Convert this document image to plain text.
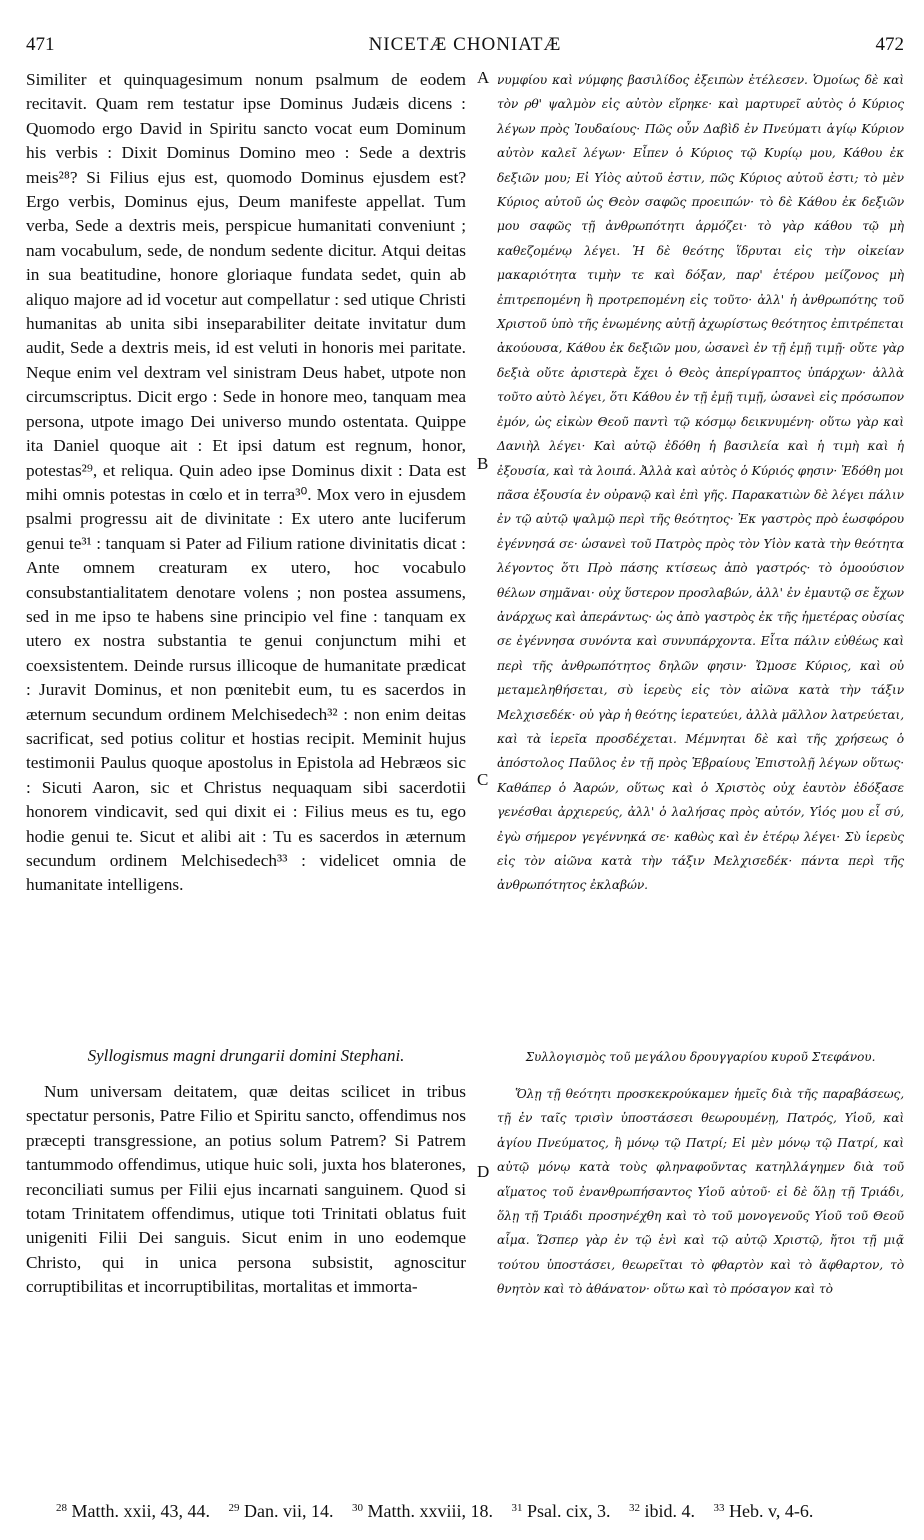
471	NICETÆ CHONIATÆ	472

Similiter et quinquagesimum nonum psalmum de eodem recitavit. Quam rem testatur ipse Dominus Judæis dicens : Quomodo ergo David in Spiritu sancto vocat eum Dominum his verbis : Dixit Dominus Domino meo : Sede a dextris meis²⁸? Si Filius ejus est, quomodo Dominus ejusdem est? Ergo verbis, Dominus ejus, Deum manifeste appellat. Tum verba, Sede a dextris meis, perspicue humanitati conveniunt ; nam vocabulum, sede, de nondum sedente dicitur. Atqui deitas in sua beatitudine, honore gloriaque fundata sedet, quin ab aliquo majore ad id vocetur aut compellatur : sed utique Christi humanitas ab unita sibi inseparabiliter deitate invitatur dum audit, Sede a dextris meis, id est veluti in honoris mei paritate. Neque enim vel dextram vel sinistram Deus habet, utpote non circumscriptus. Dicit ergo : Sede in honore meo, tanquam mea persona, utpote imago Dei universo mundo ostentata. Quippe ita Daniel quoque ait : Et ipsi datum est regnum, honor, potestas²⁹, et reliqua. Quin adeo ipse Dominus dixit : Data est mihi omnis potestas in cœlo et in terra³⁰. Mox vero in ejusdem psalmi progressu ait de divinitate : Ex utero ante luciferum genui te³¹ : tanquam si Pater ad Filium ratione divinitatis dicat : Ante omnem creaturam ex utero, hoc vocabulo consubstantialitatem denotare volens ; non postea assumens, sed in me ipso te habens sine principio vel fine : tanquam ex utero ex nostra substantia te genui conjunctum mihi et coexsistentem. Deinde rursus illicoque de humanitate prædicat : Juravit Dominus, et non pœnitebit eum, tu es sacerdos in æternum secundum ordinem Melchisedech³² : non enim deitas sacrificat, sed potius colitur et hostias recipit. Meminit hujus testimonii Paulus quoque apostolus in Epistola ad Hebræos sic : Sicuti Aaron, sic et Christus nequaquam sibi sacerdotii honorem vindicavit, sed qui dixit ei : Filius meus es tu, ego hodie genui te. Sicut et alibi ait : Tu es sacerdos in æternum secundum ordinem Melchisedech³³ : videlicet omnia de humanitate intelligens.

νυμφίου καὶ νύμφης βασιλίδος ἐξειπὼν ἐτέλεσεν. Ὁμοίως δὲ καὶ τὸν ρθ' ψαλμὸν εἰς αὐτὸν εἴρηκε· καὶ μαρτυρεῖ αὐτὸς ὁ Κύριος λέγων πρὸς Ἰουδαίους· Πῶς οὖν Δαβὶδ ἐν Πνεύματι ἁγίῳ Κύριον αὐτὸν καλεῖ λέγων· Εἶπεν ὁ Κύριος τῷ Κυρίῳ μου, Κάθου ἐκ δεξιῶν μου; Εἰ Υἱὸς αὐτοῦ ἐστιν, πῶς Κύριος αὐτοῦ ἐστι; τὸ μὲν Κύριος αὐτοῦ ὡς Θεὸν σαφῶς προειπών· τὸ δὲ Κάθου ἐκ δεξιῶν μου σαφῶς τῇ ἀνθρωπότητι ἁρμόζει· τὸ γὰρ κάθου τῷ μὴ καθεζομένῳ λέγει. Ἡ δὲ θεότης ἵδρυται εἰς τὴν οἰκείαν μακαριότητα τιμὴν τε καὶ δόξαν, παρ' ἑτέρου μείζονος μὴ ἐπιτρεπομένη ἢ προτρεπομένη εἰς τοῦτο· ἀλλ' ἡ ἀνθρωπότης τοῦ Χριστοῦ ὑπὸ τῆς ἑνωμένης αὐτῇ ἀχωρίστως θεότητος ἐπιτρέπεται ἀκούουσα, Κάθου ἐκ δεξιῶν μου, ὡσανεὶ ἐν τῇ ἐμῇ τιμῇ· οὔτε γὰρ δεξιὰ οὔτε ἀριστερὰ ἔχει ὁ Θεὸς ἀπερίγραπτος ὑπάρχων· ἀλλὰ τοῦτο αὐτὸ λέγει, ὅτι Κάθου ἐν τῇ ἐμῇ τιμῇ, ὡσανεὶ εἰς πρόσωπον ἐμόν, ὡς εἰκὼν Θεοῦ παντὶ τῷ κόσμῳ δεικνυμένη· οὕτω γὰρ καὶ Δανιὴλ λέγει· Καὶ αὐτῷ ἐδόθη ἡ βασιλεία καὶ ἡ τιμὴ καὶ ἡ ἐξουσία, καὶ τὰ λοιπά. Ἀλλὰ καὶ αὐτὸς ὁ Κύριός φησιν· Ἐδόθη μοι πᾶσα ἐξουσία ἐν οὐρανῷ καὶ ἐπὶ γῆς. Παρακατιὼν δὲ λέγει πάλιν ἐν τῷ αὐτῷ ψαλμῷ περὶ τῆς θεότητος· Ἐκ γαστρὸς πρὸ ἑωσφόρου ἐγέννησά σε· ὡσανεὶ τοῦ Πατρὸς πρὸς τὸν Υἱὸν κατὰ τὴν θεότητα λέγοντος ὅτι Πρὸ πάσης κτίσεως ἀπὸ γαστρός· τὸ ὁμοούσιον θέλων σημᾶναι· οὐχ ὕστερον προσλαβών, ἀλλ' ἐν ἐμαυτῷ σε ἔχων ἀνάρχως καὶ ἀπεράντως· ὡς ἀπὸ γαστρὸς ἐκ τῆς ἡμετέρας οὐσίας σε ἐγέννησα συνόντα καὶ συνυπάρχοντα. Εἶτα πάλιν εὐθέως καὶ περὶ τῆς ἀνθρωπότητος δηλῶν φησιν· Ὤμοσε Κύριος, καὶ οὐ μεταμεληθήσεται, σὺ ἱερεὺς εἰς τὸν αἰῶνα κατὰ τὴν τάξιν Μελχισεδέκ· οὐ γὰρ ἡ θεότης ἱερατεύει, ἀλλὰ μᾶλλον λατρεύεται, καὶ τὰ ἱερεῖα προσδέχεται. Μέμνηται δὲ καὶ τῆς χρήσεως ὁ ἀπόστολος Παῦλος ἐν τῇ πρὸς Ἑβραίους Ἐπιστολῇ λέγων οὕτως· Καθάπερ ὁ Ἀαρών, οὕτως καὶ ὁ Χριστὸς οὐχ ἑαυτὸν ἐδόξασε γενέσθαι ἀρχιερεύς, ἀλλ' ὁ λαλήσας πρὸς αὐτόν, Υἱός μου εἶ σύ, ἐγὼ σήμερον γεγέννηκά σε· καθὼς καὶ ἐν ἑτέρῳ λέγει· Σὺ ἱερεὺς εἰς τὸν αἰῶνα κατὰ τὴν τάξιν Μελχισεδέκ· πάντα περὶ τῆς ἀνθρωπότητος ἐκλαβών.

A
B
C
D

Syllogismus magni drungarii domini Stephani.	Συλλογισμὸς τοῦ μεγάλου δρουγγαρίου κυροῦ Στεφάνου.

Num universam deitatem, quæ deitas scilicet in tribus spectatur personis, Patre Filio et Spiritu sancto, offendimus nos præcepti transgressione, an potius solum Patrem? Si Patrem tantummodo offendimus, utique huic soli, juxta hos blaterones, reconciliati sumus per Filii ejus incarnati sanguinem. Quod si totam Trinitatem offendimus, utique toti Trinitati oblatus fuit unigeniti Filii Dei sanguis. Sicut enim in uno eodemque Christo, qui in unica persona subsistit, agnoscitur corruptibilitas et incorruptibilitas, mortalitas et immorta-

Ὅλῃ τῇ θεότητι προσκεκρούκαμεν ἡμεῖς διὰ τῆς παραβάσεως, τῇ ἐν ταῖς τρισὶν ὑποστάσεσι θεωρουμένῃ, Πατρός, Υἱοῦ, καὶ ἁγίου Πνεύματος, ἢ μόνῳ τῷ Πατρί; Εἰ μὲν μόνῳ τῷ Πατρί, καὶ αὐτῷ μόνῳ κατὰ τοὺς φληναφοῦντας κατηλλάγημεν διὰ τοῦ αἵματος τοῦ ἐνανθρωπήσαντος Υἱοῦ αὐτοῦ· εἰ δὲ ὅλῃ τῇ Τριάδι, ὅλῃ τῇ Τριάδι προσηνέχθη καὶ τὸ τοῦ μονογενοῦς Υἱοῦ τοῦ Θεοῦ αἷμα. Ὥσπερ γὰρ ἐν τῷ ἑνὶ καὶ τῷ αὐτῷ Χριστῷ, ἤτοι τῇ μιᾷ τούτου ὑποστάσει, θεωρεῖται τὸ φθαρτὸν καὶ τὸ ἄφθαρτον, τὸ θνητὸν καὶ τὸ ἀθάνατον· οὕτω καὶ τὸ πρόσαγον καὶ τὸ

$^{28}$ Matth. xxii, 43, 44. $^{29}$ Dan. vii, 14. $^{30}$ Matth. xxviii, 18. $^{31}$ Psal. cix, 3. $^{32}$ ibid. 4. $^{33}$ Heb. v, 4-6.
